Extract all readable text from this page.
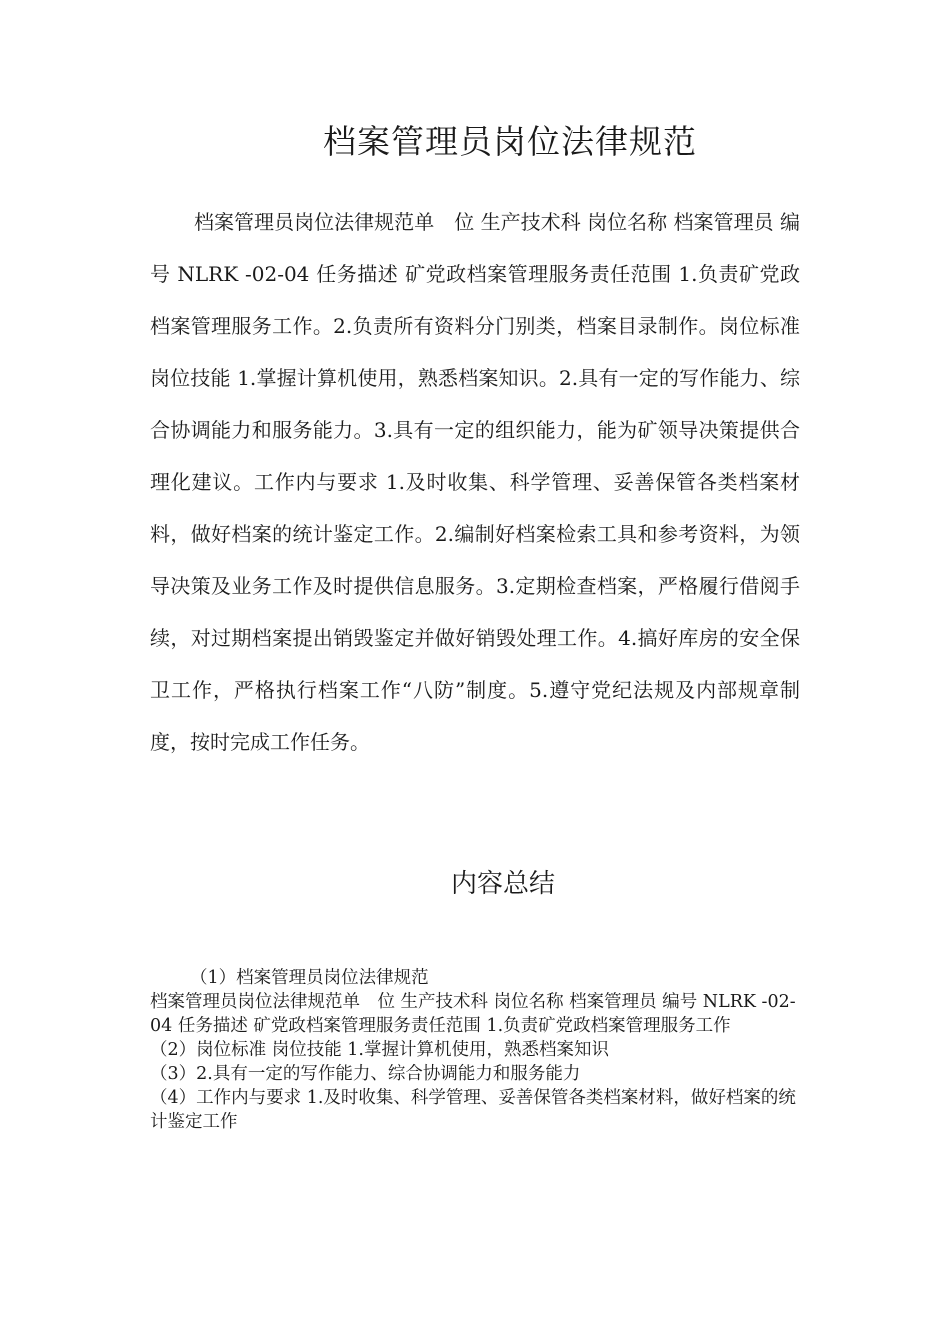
档案管理员岗位法律规范

档案管理员岗位法律规范单　位 生产技术科 岗位名称 档案管理员 编　号 NLRK -02-04 任务描述 矿党政档案管理服务责任范围 1.负责矿党政档案管理服务工作。2.负责所有资料分门别类，档案目录制作。岗位标准 岗位技能 1.掌握计算机使用，熟悉档案知识。2.具有一定的写作能力、综合协调能力和服务能力。3.具有一定的组织能力，能为矿领导决策提供合理化建议。工作内与要求 1.及时收集、科学管理、妥善保管各类档案材料，做好档案的统计鉴定工作。2.编制好档案检索工具和参考资料，为领导决策及业务工作及时提供信息服务。3.定期检查档案，严格履行借阅手续，对过期档案提出销毁鉴定并做好销毁处理工作。4.搞好库房的安全保卫工作，严格执行档案工作“八防”制度。5.遵守党纪法规及内部规章制度，按时完成工作任务。

内容总结
（1）档案管理员岗位法律规范
档案管理员岗位法律规范单　位 生产技术科 岗位名称 档案管理员 编号 NLRK -02-04 任务描述 矿党政档案管理服务责任范围 1.负责矿党政档案管理服务工作
（2）岗位标准 岗位技能 1.掌握计算机使用，熟悉档案知识
（3）2.具有一定的写作能力、综合协调能力和服务能力
（4）工作内与要求 1.及时收集、科学管理、妥善保管各类档案材料，做好档案的统计鉴定工作
